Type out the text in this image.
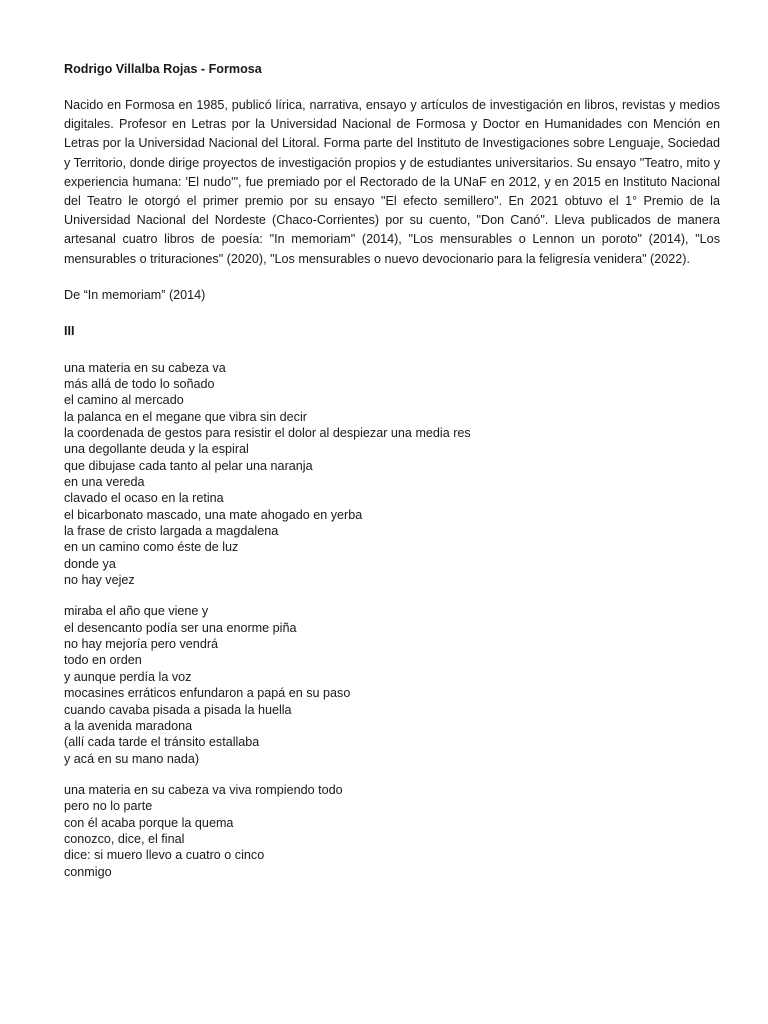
Rodrigo Villalba Rojas - Formosa

Nacido en Formosa en 1985, publicó lírica, narrativa, ensayo y artículos de investigación en libros, revistas y medios digitales. Profesor en Letras por la Universidad Nacional de Formosa y Doctor en Humanidades con Mención en Letras por la Universidad Nacional del Litoral. Forma parte del Instituto de Investigaciones sobre Lenguaje, Sociedad y Territorio, donde dirige proyectos de investigación propios y de estudiantes universitarios. Su ensayo "Teatro, mito y experiencia humana: 'El nudo'", fue premiado por el Rectorado de la UNaF en 2012, y en 2015 en Instituto Nacional del Teatro le otorgó el primer premio por su ensayo "El efecto semillero". En 2021 obtuvo el 1° Premio de la Universidad Nacional del Nordeste (Chaco-Corrientes) por su cuento, "Don Canó". Lleva publicados de manera artesanal cuatro libros de poesía: "In memoriam" (2014), "Los mensurables o Lennon un poroto" (2014), "Los mensurables o trituraciones" (2020), "Los mensurables o nuevo devocionario para la feligresía venidera" (2022).

De “In memoriam” (2014)

III

una materia en su cabeza va
más allá de todo lo soñado
el camino al mercado
la palanca en el megane que vibra sin decir
la coordenada de gestos para resistir el dolor al despiezar una media res
una degollante deuda y la espiral
que dibujase cada tanto al pelar una naranja
en una vereda
clavado el ocaso en la retina
el bicarbonato mascado, una mate ahogado en yerba
la frase de cristo largada a magdalena
en un camino como éste de luz
donde ya
no hay vejez
miraba el año que viene y
el desencanto podía ser una enorme piña
no hay mejoría pero vendrá
todo en orden
y aunque perdía la voz
mocasines erráticos enfundaron a papá en su paso
cuando cavaba pisada a pisada la huella
a la avenida maradona
(allí cada tarde el tránsito estallaba
y acá en su mano nada)
una materia en su cabeza va viva rompiendo todo
pero no lo parte
con él acaba porque la quema
conozco, dice, el final
dice: si muero llevo a cuatro o cinco
conmigo
